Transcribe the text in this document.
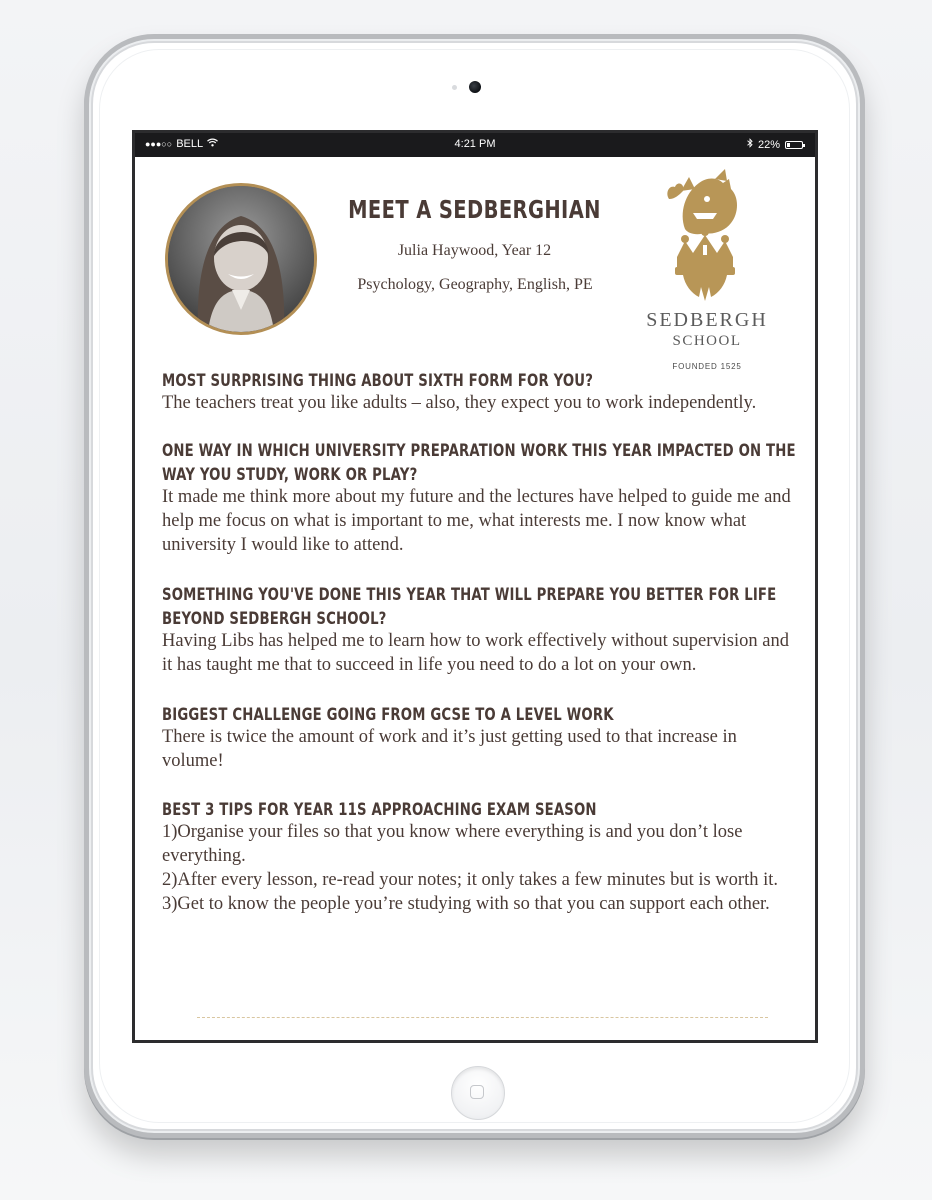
●●●○○ BELL	4:21 PM	22%
MEET A SEDBERGHIAN
Julia Haywood, Year 12
Psychology, Geography, English, PE
SEDBERGH
SCHOOL
FOUNDED 1525
MOST SURPRISING THING ABOUT SIXTH FORM FOR YOU?
The teachers treat you like adults – also, they expect you to work independently.
ONE WAY IN WHICH UNIVERSITY PREPARATION WORK THIS YEAR IMPACTED ON THE WAY YOU STUDY, WORK OR PLAY?
It made me think more about my future and the lectures have helped to guide me and help me focus on what is important to me, what interests me. I now know what university I would like to attend.
SOMETHING YOU'VE DONE THIS YEAR THAT WILL PREPARE YOU BETTER FOR LIFE BEYOND SEDBERGH SCHOOL?
Having Libs has helped me to learn how to work effectively without supervision and it has taught me that to succeed in life you need to do a lot on your own.
BIGGEST CHALLENGE GOING FROM GCSE TO A LEVEL WORK
There is twice the amount of work and it’s just getting used to that increase in volume!
BEST 3 TIPS FOR YEAR 11S APPROACHING EXAM SEASON
1)Organise your files so that you know where everything is and you don’t lose everything.
2)After every lesson, re-read your notes; it only takes a few minutes but is worth it.
3)Get to know the people you’re studying with so that you can support each other.
